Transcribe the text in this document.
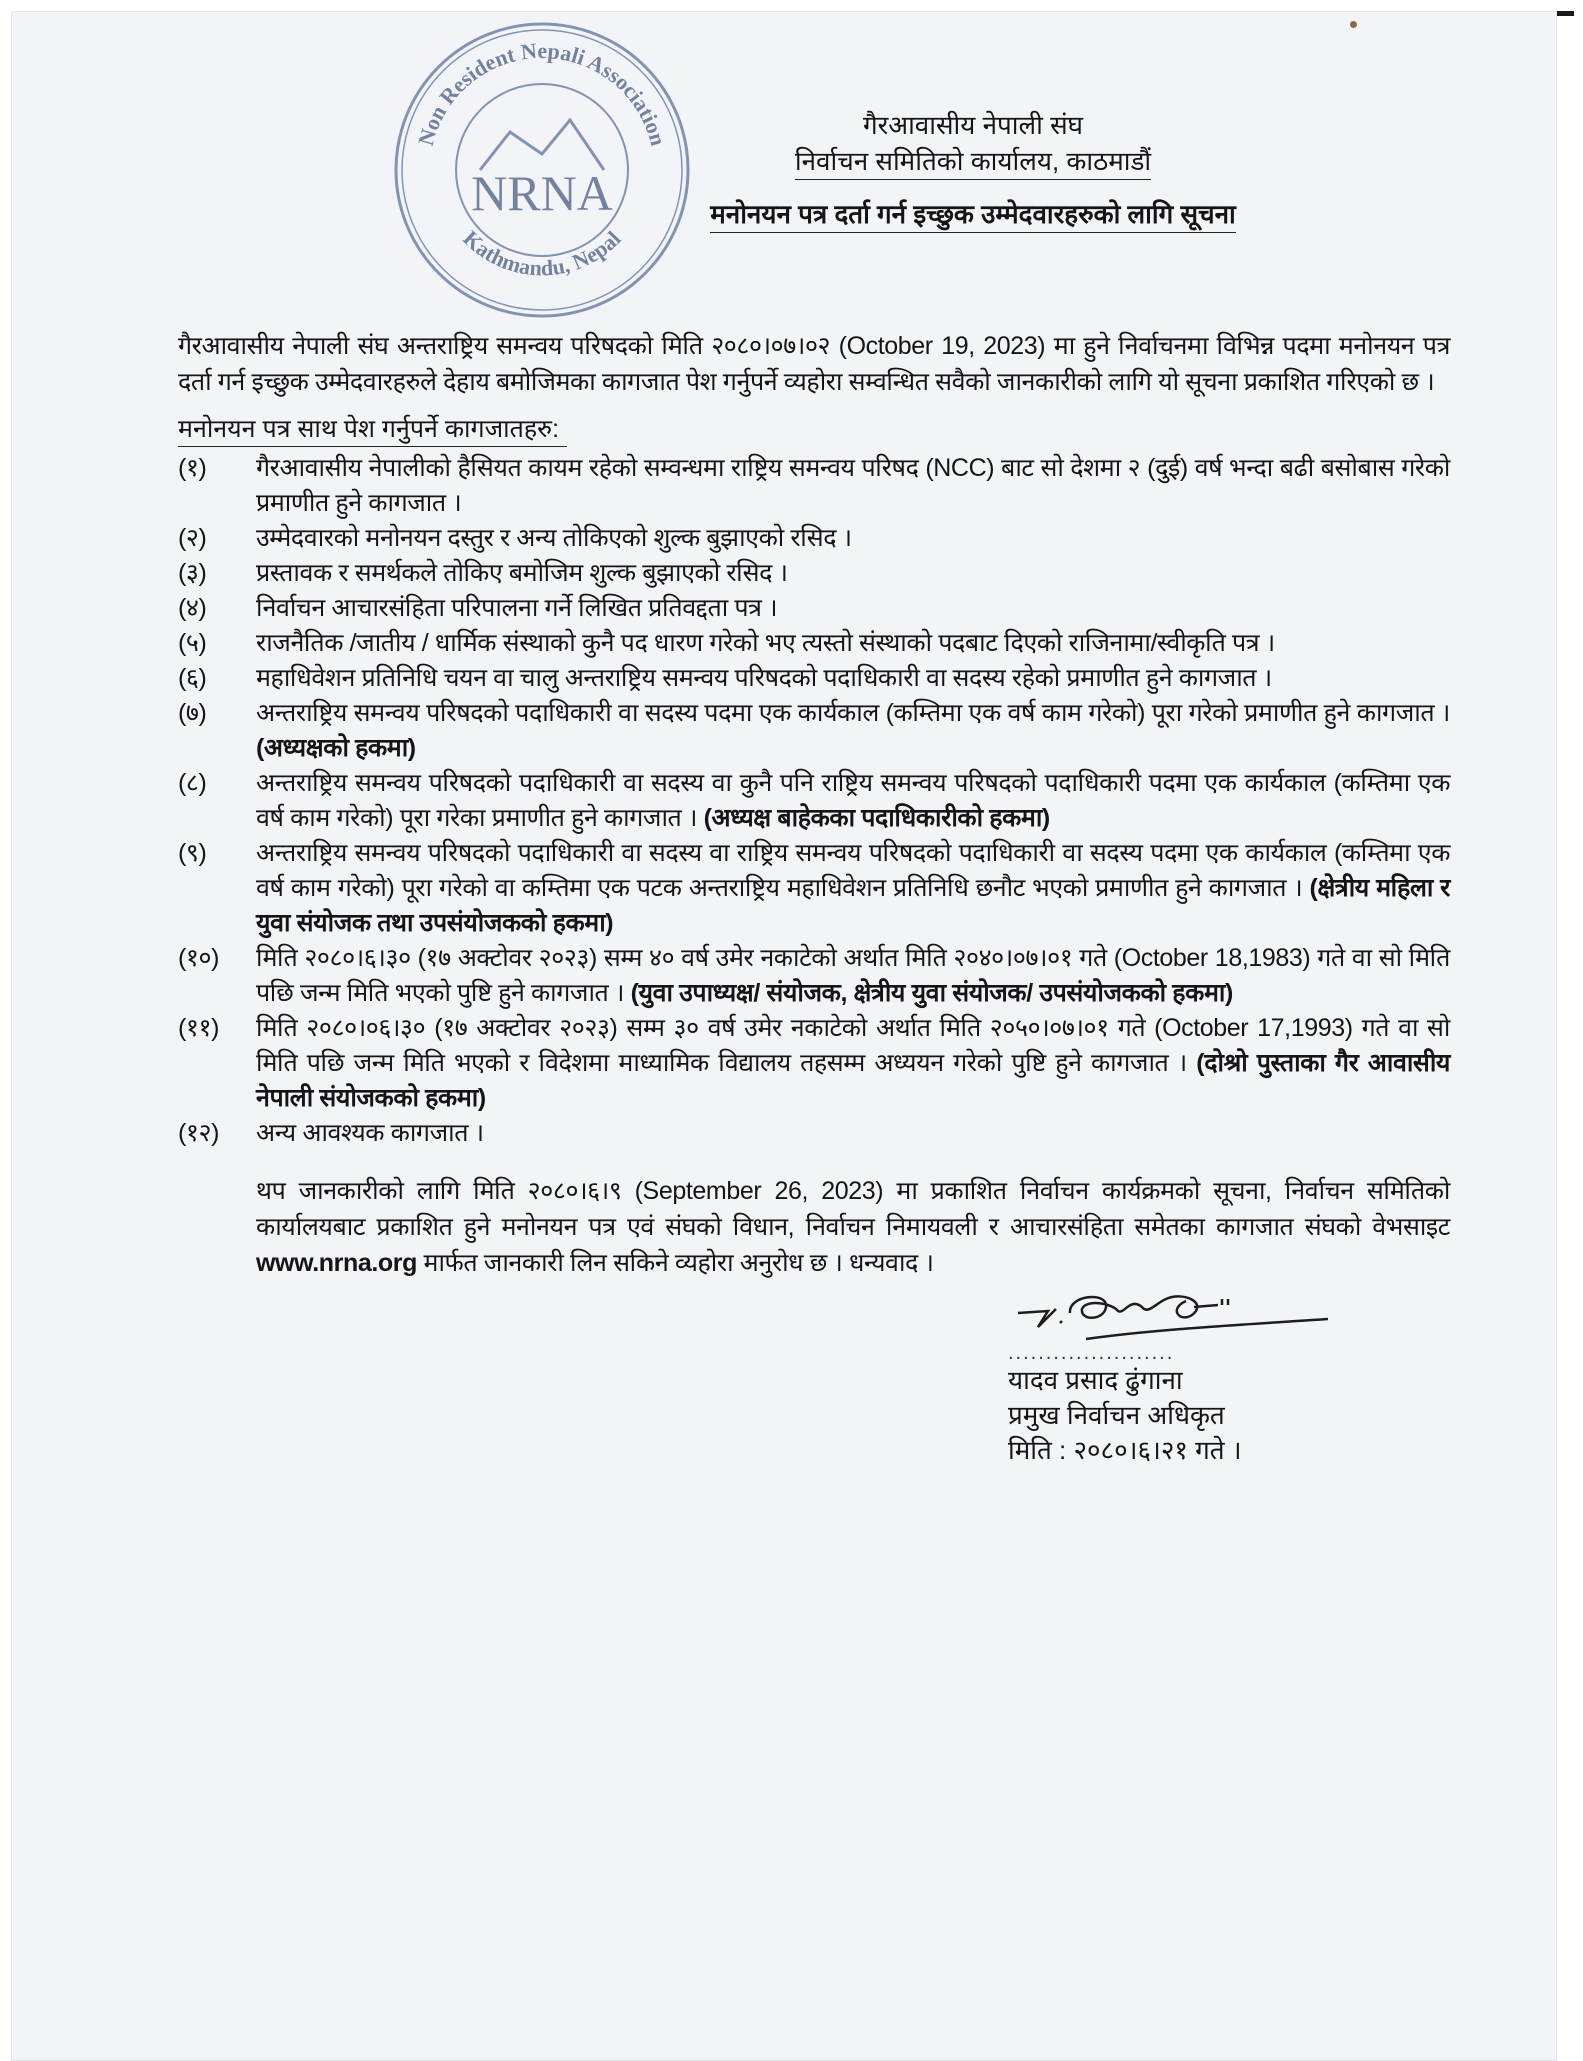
Non Resident Nepali Association
Kathmandu, Nepal
NRNA
गैरआवासीय नेपाली संघ
निर्वाचन समितिको कार्यालय, काठमाडौं
मनोनयन पत्र दर्ता गर्न इच्छुक उम्मेदवारहरुको लागि सूचना
गैरआवासीय नेपाली संघ अन्तराष्ट्रिय समन्वय परिषदको मिति २०८०।०७।०२ (October 19, 2023) मा हुने निर्वाचनमा विभिन्न पदमा मनोनयन पत्र दर्ता गर्न इच्छुक उम्मेदवारहरुले देहाय बमोजिमका कागजात पेश गर्नुपर्ने व्यहोरा सम्वन्धित सवैको जानकारीको लागि यो सूचना प्रकाशित गरिएको छ ।
मनोनयन पत्र साथ पेश गर्नुपर्ने कागजातहरु:
(१)	गैरआवासीय नेपालीको हैसियत कायम रहेको सम्वन्धमा राष्ट्रिय समन्वय परिषद (NCC) बाट सो देशमा २ (दुई) वर्ष भन्दा बढी बसोबास गरेको प्रमाणीत हुने कागजात ।
(२)	उम्मेदवारको मनोनयन दस्तुर र अन्य तोकिएको शुल्क बुझाएको रसिद ।
(३)	प्रस्तावक र समर्थकले तोकिए बमोजिम शुल्क बुझाएको रसिद ।
(४)	निर्वाचन आचारसंहिता परिपालना गर्ने लिखित प्रतिवद्दता पत्र ।
(५)	राजनैतिक /जातीय / धार्मिक संस्थाको कुनै पद धारण गरेको भए त्यस्तो संस्थाको पदबाट दिएको राजिनामा/स्वीकृति पत्र ।
(६)	महाधिवेशन प्रतिनिधि चयन वा चालु अन्तराष्ट्रिय समन्वय परिषदको पदाधिकारी वा सदस्य रहेको प्रमाणीत हुने कागजात ।
(७)	अन्तराष्ट्रिय समन्वय परिषदको पदाधिकारी वा सदस्य पदमा एक कार्यकाल (कम्तिमा एक वर्ष काम गरेको) पूरा गरेको प्रमाणीत हुने कागजात । (अध्यक्षको हकमा)
(८)	अन्तराष्ट्रिय समन्वय परिषदको पदाधिकारी वा सदस्य वा कुनै पनि राष्ट्रिय समन्वय परिषदको पदाधिकारी पदमा एक कार्यकाल (कम्तिमा एक वर्ष काम गरेको) पूरा गरेका प्रमाणीत हुने कागजात । (अध्यक्ष बाहेकका पदाधिकारीको हकमा)
(९)	अन्तराष्ट्रिय समन्वय परिषदको पदाधिकारी वा सदस्य वा राष्ट्रिय समन्वय परिषदको पदाधिकारी वा सदस्य पदमा एक कार्यकाल (कम्तिमा एक वर्ष काम गरेको) पूरा गरेको वा कम्तिमा एक पटक अन्तराष्ट्रिय महाधिवेशन प्रतिनिधि छनौट भएको प्रमाणीत हुने कागजात । (क्षेत्रीय महिला र युवा संयोजक तथा उपसंयोजकको हकमा)
(१०)	मिति २०८०।६।३० (१७ अक्टोवर २०२३) सम्म ४० वर्ष उमेर नकाटेको अर्थात मिति २०४०।०७।०१ गते (October 18,1983) गते वा सो मिति पछि जन्म मिति भएको पुष्टि हुने कागजात । (युवा उपाध्यक्ष/ संयोजक, क्षेत्रीय युवा संयोजक/ उपसंयोजकको हकमा)
(११)	मिति २०८०।०६।३० (१७ अक्टोवर २०२३) सम्म ३० वर्ष उमेर नकाटेको अर्थात मिति २०५०।०७।०१ गते (October 17,1993) गते वा सो मिति पछि जन्म मिति भएको र विदेशमा माध्यामिक विद्यालय तहसम्म अध्ययन गरेको पुष्टि हुने कागजात । (दोश्रो पुस्ताका गैर आवासीय नेपाली संयोजकको हकमा)
(१२)	अन्य आवश्यक कागजात ।
थप जानकारीको लागि मिति २०८०।६।९ (September 26, 2023) मा प्रकाशित निर्वाचन कार्यक्रमको सूचना, निर्वाचन समितिको कार्यालयबाट प्रकाशित हुने मनोनयन पत्र एवं संघको विधान, निर्वाचन निमायवली र आचारसंहिता समेतका कागजात संघको वेभसाइट www.nrna.org मार्फत जानकारी लिन सकिने व्यहोरा अनुरोध छ । धन्यवाद ।
......................
यादव प्रसाद ढुंगाना
प्रमुख निर्वाचन अधिकृत
मिति : २०८०।६।२१ गते ।
